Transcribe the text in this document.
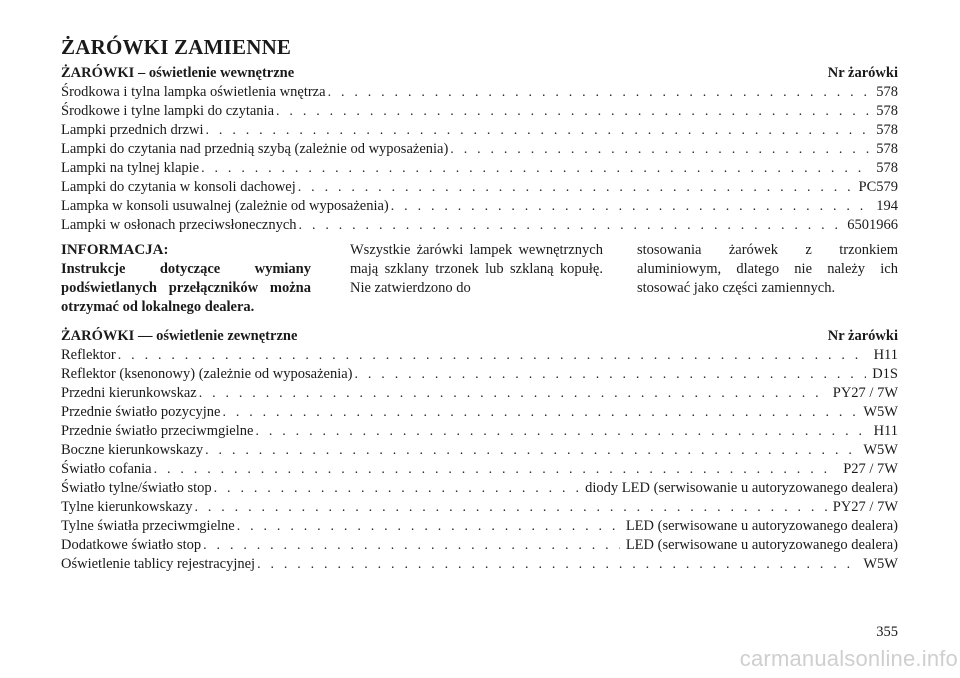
ŻARÓWKI ZAMIENNE
ŻARÓWKI – oświetlenie wewnętrzne	Nr żarówki
Środkowa i tylna lampka oświetlenia wnętrza . . .	578
Środkowe i tylne lampki do czytania . . .	578
Lampki przednich drzwi . . .	578
Lampki do czytania nad przednią szybą (zależnie od wyposażenia) . . .	578
Lampki na tylnej klapie . . .	578
Lampki do czytania w konsoli dachowej . . .	PC579
Lampka w konsoli usuwalnej (zależnie od wyposażenia) . . .	194
Lampki w osłonach przeciwsłonecznych . . .	6501966

INFORMACJA:

Instrukcje dotyczące wymiany podświetlanych przełączników można otrzymać od lokalnego dealera.

Wszystkie żarówki lampek wewnętrznych mają szklany trzonek lub szklaną kopułę. Nie zatwierdzono do

stosowania żarówek z trzonkiem aluminiowym, dlatego nie należy ich stosować jako części zamiennych.

ŻARÓWKI — oświetlenie zewnętrzne	Nr żarówki
Reflektor . . .	H11
Reflektor (ksenonowy) (zależnie od wyposażenia) . . .	D1S
Przedni kierunkowskaz . . .	PY27 / 7W
Przednie światło pozycyjne . . .	W5W
Przednie światło przeciwmgielne . . .	H11
Boczne kierunkowskazy . . .	W5W
Światło cofania . . .	P27 / 7W
Światło tylne/światło stop . . .	diody LED (serwisowanie u autoryzowanego dealera)
Tylne kierunkowskazy . . .	PY27 / 7W
Tylne światła przeciwmgielne . . .	LED (serwisowane u autoryzowanego dealera)
Dodatkowe światło stop . . .	LED (serwisowane u autoryzowanego dealera)
Oświetlenie tablicy rejestracyjnej . . .	W5W
355
carmanualsonline.info
